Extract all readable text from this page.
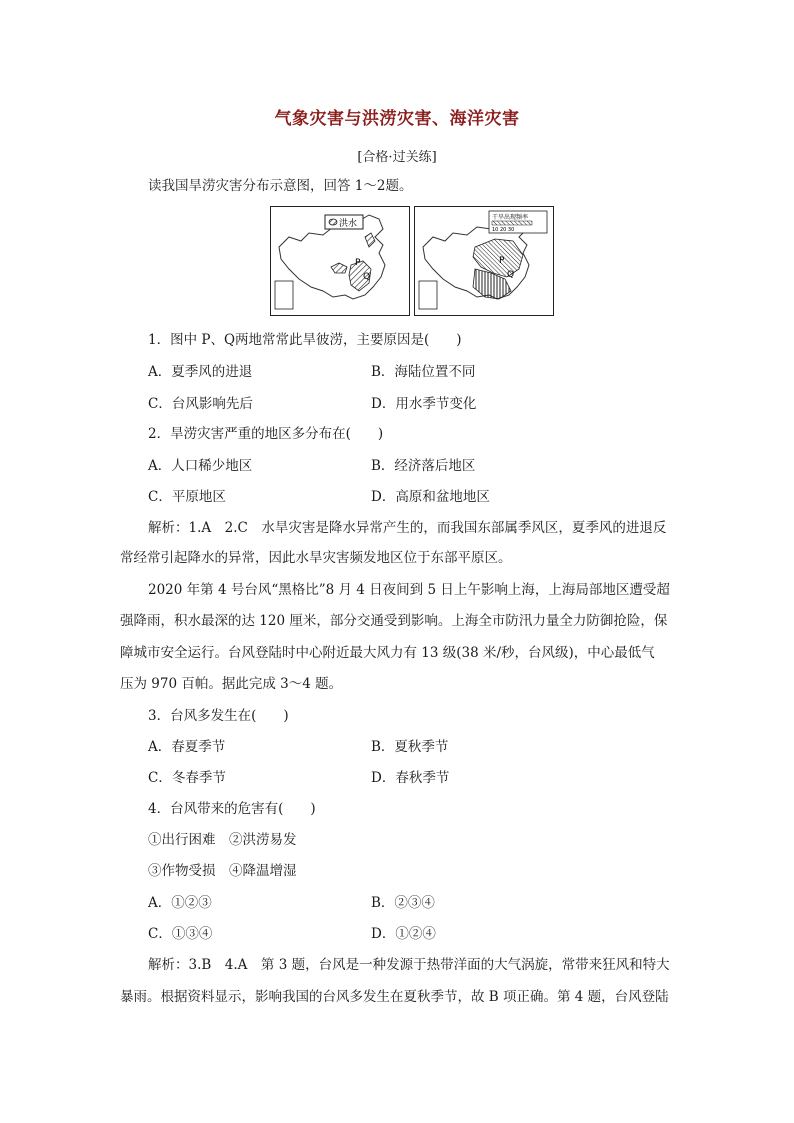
气象灾害与洪涝灾害、海洋灾害
[合格·过关练]
读我国旱涝灾害分布示意图，回答 1～2题。
洪水
P
Q
干旱出现频率
10 20 30
P
Q
1．图中 P、Q两地常常此旱彼涝，主要原因是(　　)
A．夏季风的进退	B．海陆位置不同
C．台风影响先后	D．用水季节变化
2．旱涝灾害严重的地区多分布在(　　)
A．人口稀少地区	B．经济落后地区
C．平原地区	D．高原和盆地地区
解析：1.A　2.C　水旱灾害是降水异常产生的，而我国东部属季风区，夏季风的进退反
常经常引起降水的异常，因此水旱灾害频发地区位于东部平原区。
2020 年第 4 号台风“黑格比”8 月 4 日夜间到 5 日上午影响上海，上海局部地区遭受超
强降雨，积水最深的达 120 厘米，部分交通受到影响。上海全市防汛力量全力防御抢险，保
障城市安全运行。台风登陆时中心附近最大风力有 13 级(38 米/秒，台风级)，中心最低气
压为 970 百帕。据此完成 3～4 题。
3．台风多发生在(　　)
A．春夏季节	B．夏秋季节
C．冬春季节	D．春秋季节
4．台风带来的危害有(　　)
①出行困难　②洪涝易发
③作物受损　④降温增湿
A．①②③	B．②③④
C．①③④	D．①②④
解析：3.B　4.A　第 3 题，台风是一种发源于热带洋面的大气涡旋，常带来狂风和特大
暴雨。根据资料显示，影响我国的台风多发生在夏秋季节，故 B 项正确。第 4 题，台风登陆
